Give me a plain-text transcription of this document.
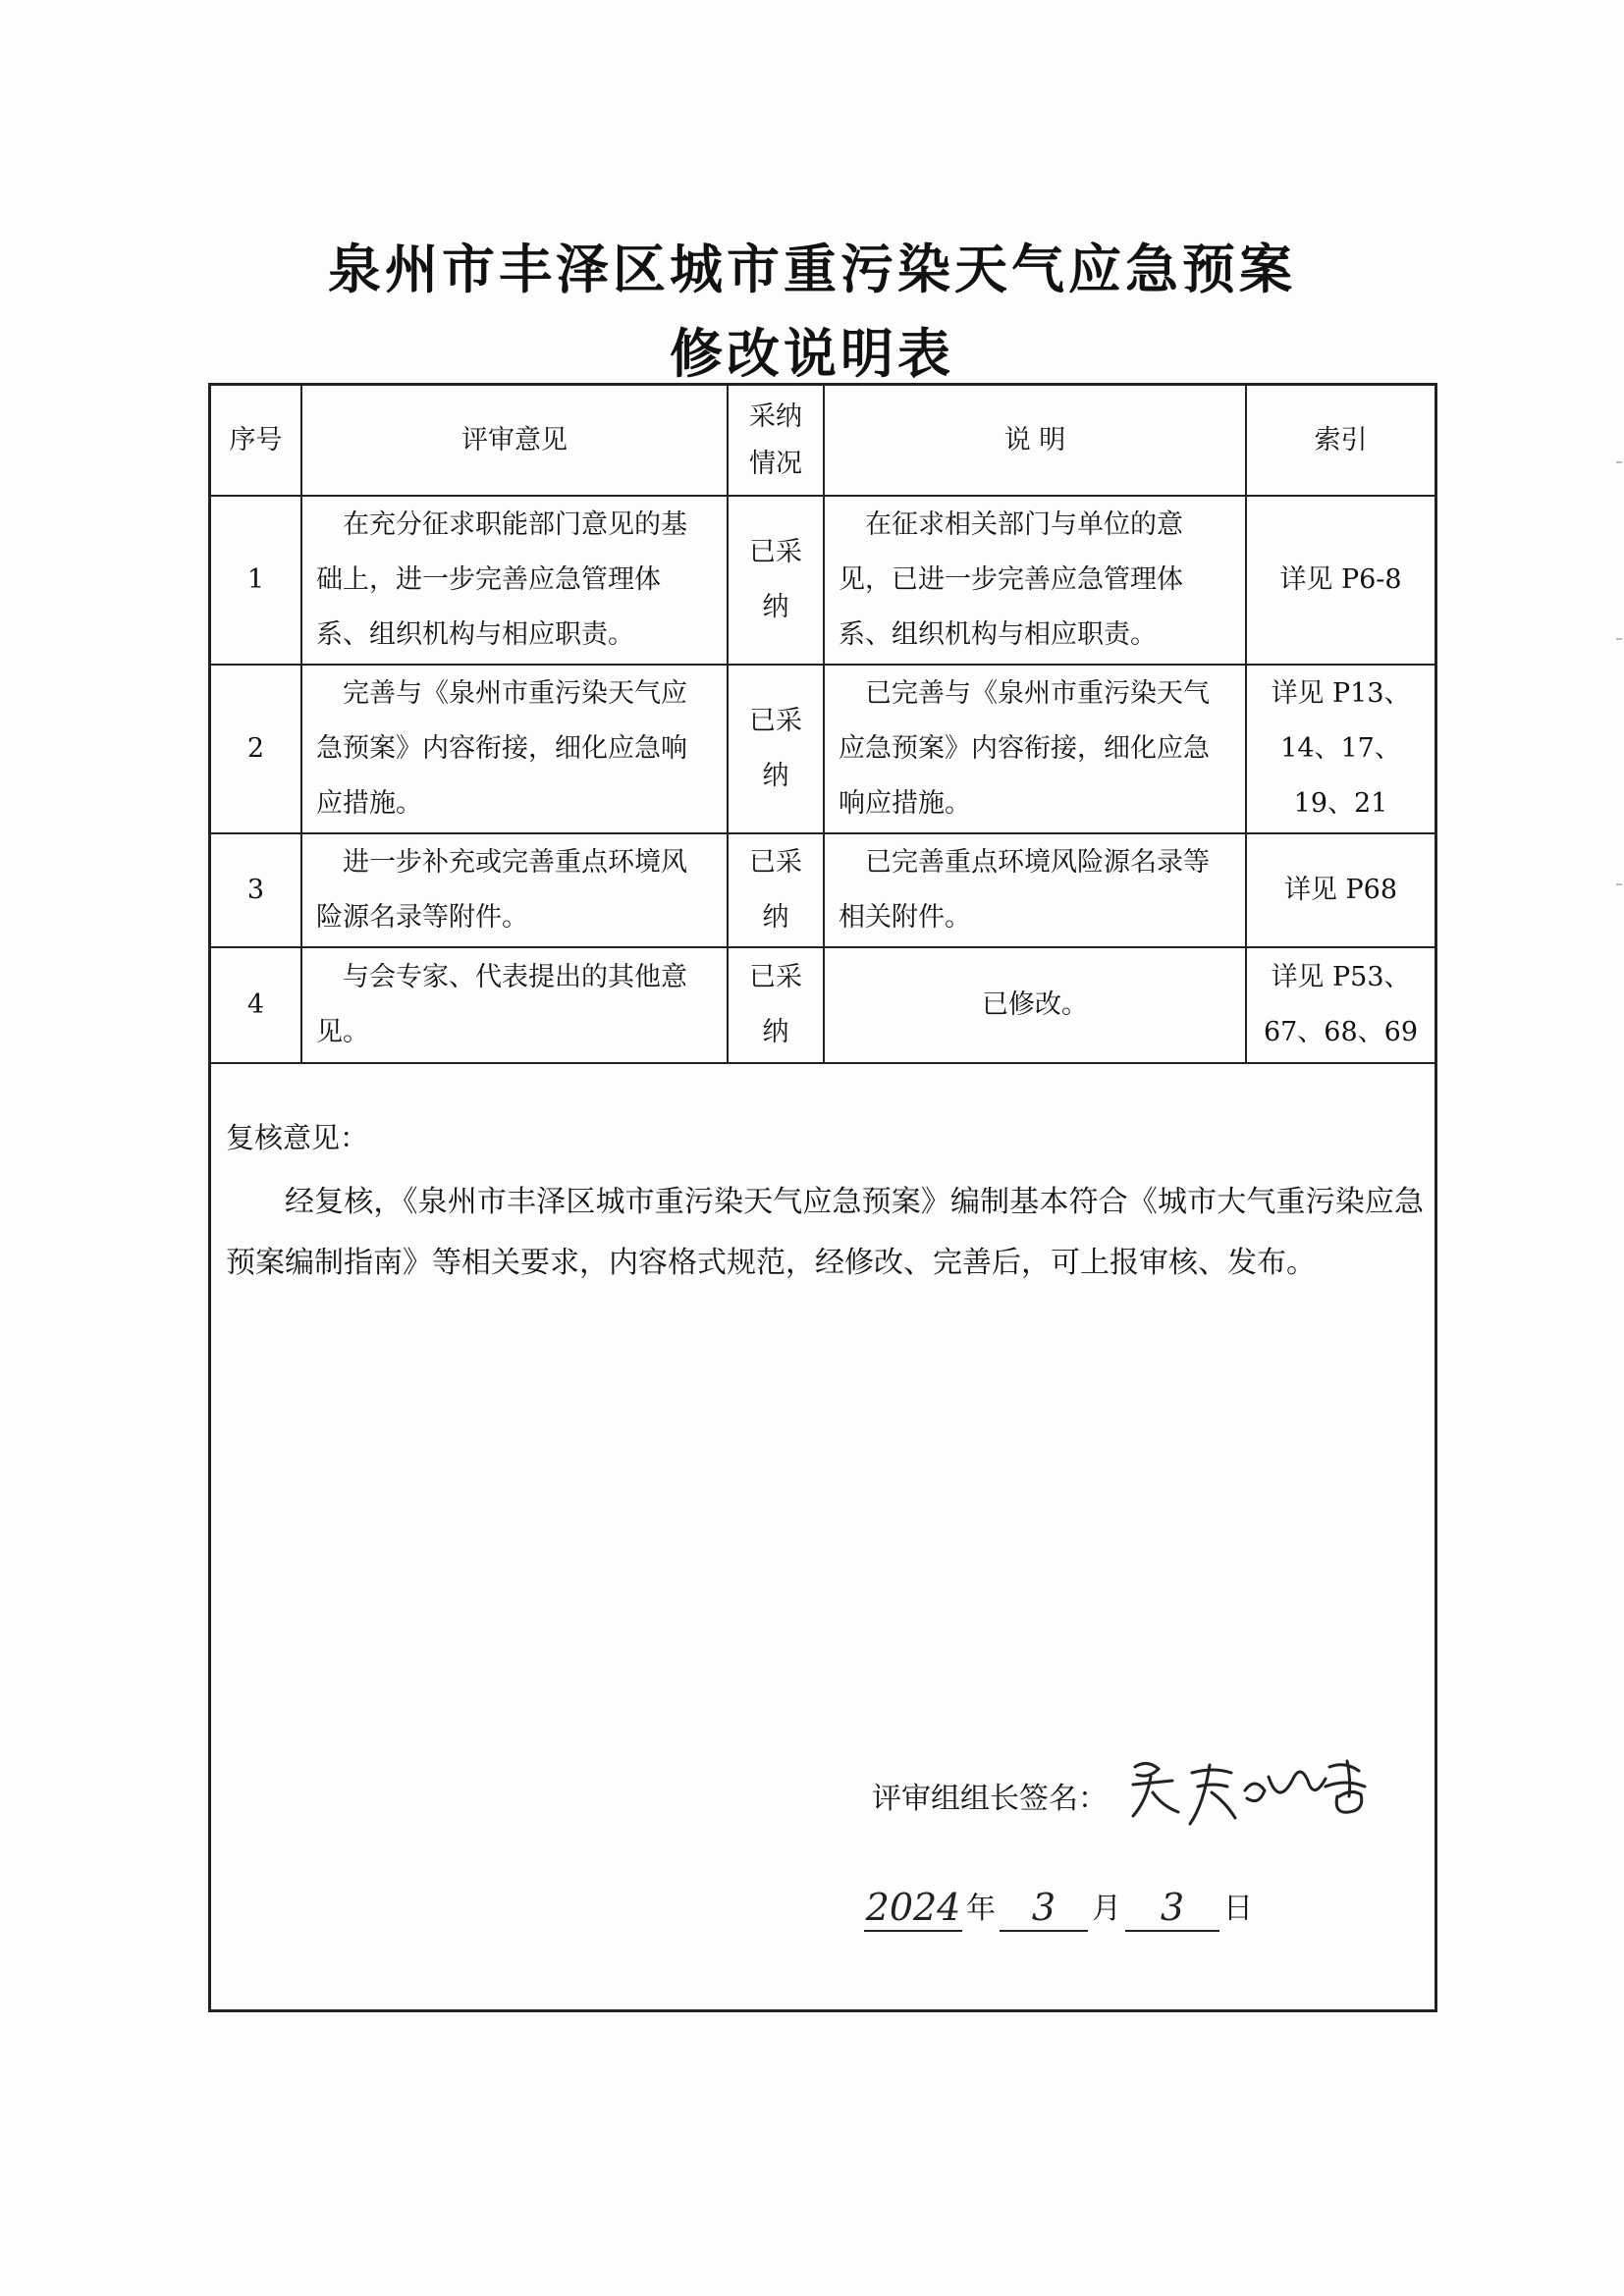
泉州市丰泽区城市重污染天气应急预案
修改说明表
序号	评审意见	采纳情况	说 明	索引
1	在充分征求职能部门意见的基础上，进一步完善应急管理体系、组织机构与相应职责。	已采纳	在征求相关部门与单位的意见，已进一步完善应急管理体系、组织机构与相应职责。	详见 P6-8
2	完善与《泉州市重污染天气应急预案》内容衔接，细化应急响应措施。	已采纳	已完善与《泉州市重污染天气应急预案》内容衔接，细化应急响应措施。	详见 P13、14、17、19、21
3	进一步补充或完善重点环境风险源名录等附件。	已采纳	已完善重点环境风险源名录等相关附件。	详见 P68
4	与会专家、代表提出的其他意见。	已采纳	已修改。	详见 P53、67、68、69
复核意见：
经复核，《泉州市丰泽区城市重污染天气应急预案》编制基本符合《城市大气重污染应急预案编制指南》等相关要求，内容格式规范，经修改、完善后，可上报审核、发布。
评审组组长签名：
2024 年 3	月	3	日
